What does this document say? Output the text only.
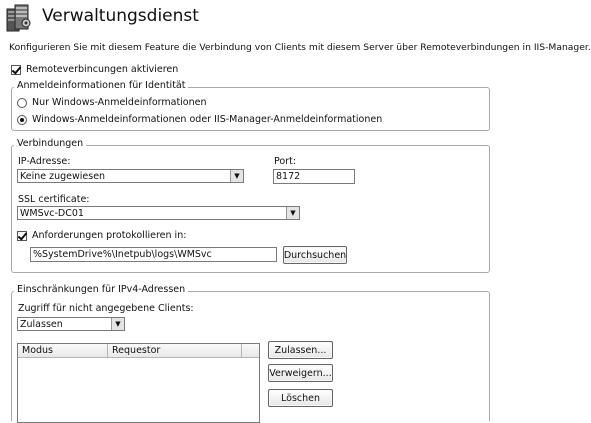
Verwaltungsdienst
Konfigurieren Sie mit diesem Feature die Verbindung von Clients mit diesem Server über Remoteverbindungen in IIS-Manager.
Remoteverbincungen aktivieren
Anmeldeinformationen für Identität
Nur Windows-Anmeldeinformationen
Windows-Anmeldeinformationen oder IIS-Manager-Anmeldeinformationen
Verbindungen
IP-Adresse:
Keine zugewiesen	▼
Port:
8172
SSL certificate:
WMSvc-DC01	▼
Anforderungen protokollieren in:
%SystemDrive%\Inetpub\logs\WMSvc	Durchsuchen
Einschränkungen für IPv4-Adressen
Zugriff für nicht angegebene Clients:
Zulassen	▼
Modus	Requestor	Zulassen...
Verweigern...
Löschen
